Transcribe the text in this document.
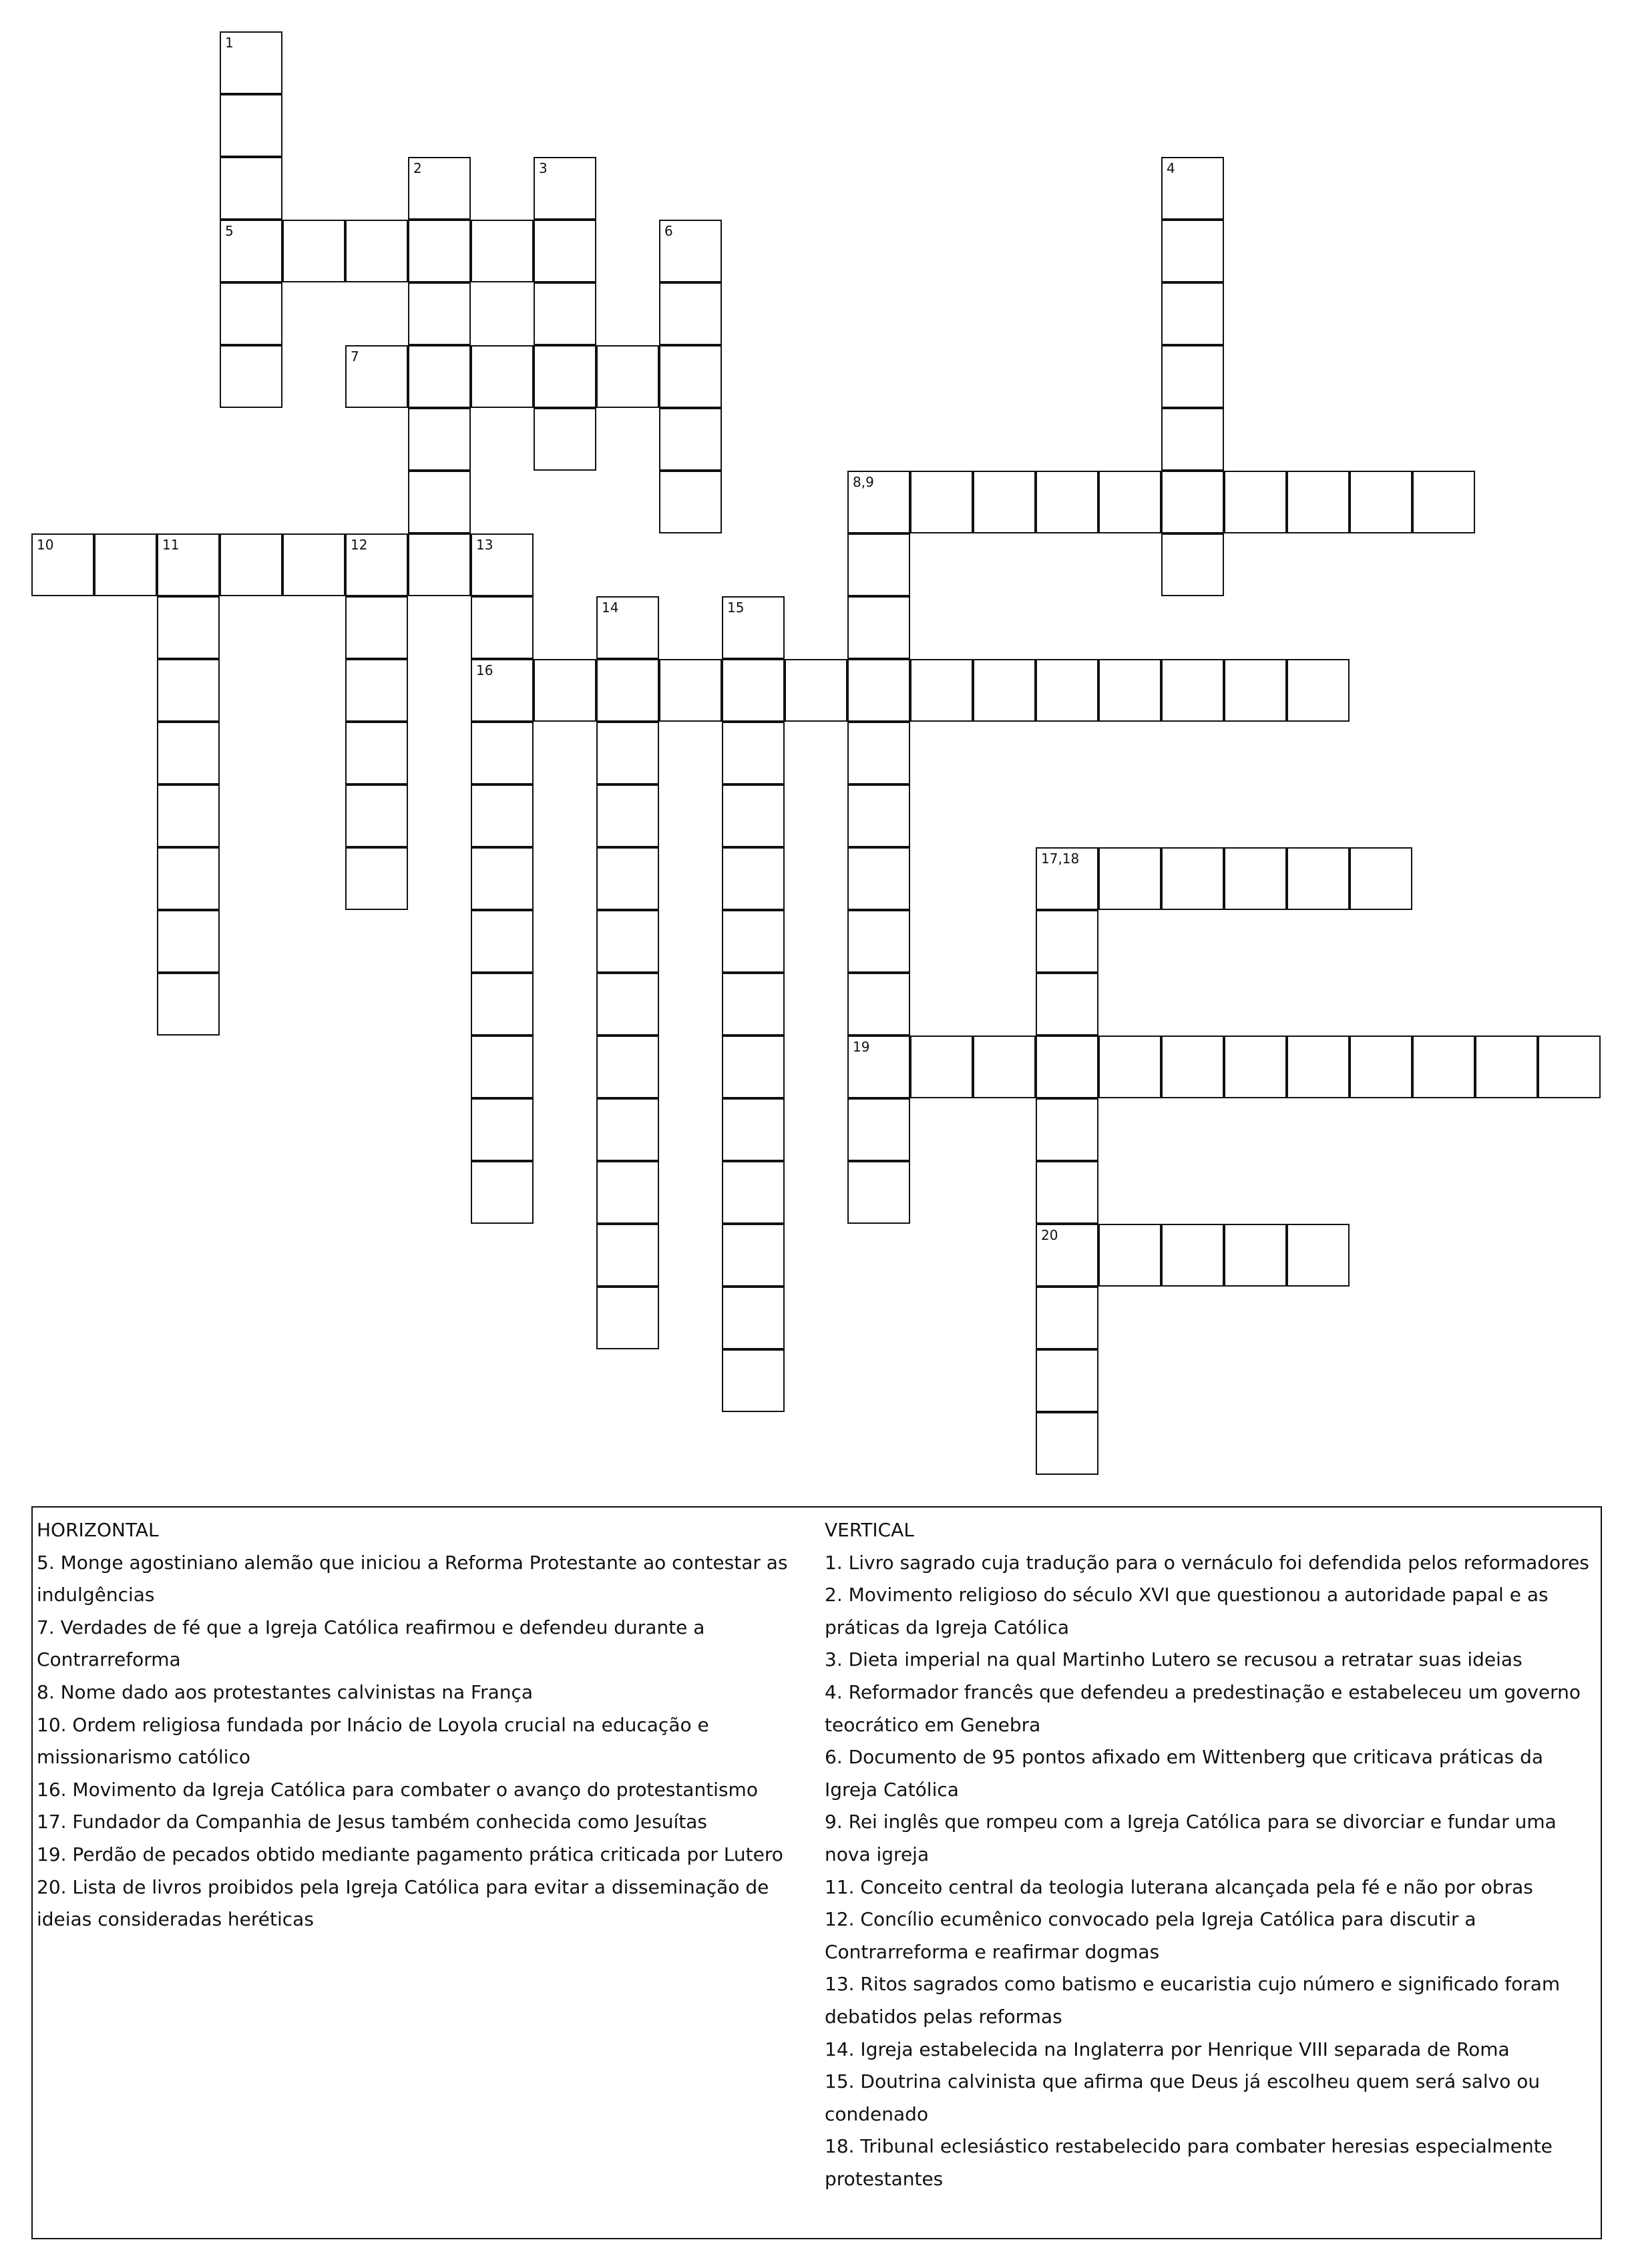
1
5
2	3	4
6
7
8,9
10	11	12	13
16
14	15
17,18
19
20

HORIZONTAL

5. Monge agostiniano alemão que iniciou a Reforma Protestante ao contestar as indulgências

7. Verdades de fé que a Igreja Católica reafirmou e defendeu durante a Contrarreforma

8. Nome dado aos protestantes calvinistas na França

10. Ordem religiosa fundada por Inácio de Loyola crucial na educação e missionarismo católico

16. Movimento da Igreja Católica para combater o avanço do protestantismo

17. Fundador da Companhia de Jesus também conhecida como Jesuítas

19. Perdão de pecados obtido mediante pagamento prática criticada por Lutero

20. Lista de livros proibidos pela Igreja Católica para evitar a disseminação de ideias consideradas heréticas

VERTICAL

1. Livro sagrado cuja tradução para o vernáculo foi defendida pelos reformadores

2. Movimento religioso do século XVI que questionou a autoridade papal e as práticas da Igreja Católica

3. Dieta imperial na qual Martinho Lutero se recusou a retratar suas ideias

4. Reformador francês que defendeu a predestinação e estabeleceu um governo teocrático em Genebra

6. Documento de 95 pontos afixado em Wittenberg que criticava práticas da Igreja Católica

9. Rei inglês que rompeu com a Igreja Católica para se divorciar e fundar uma nova igreja

11. Conceito central da teologia luterana alcançada pela fé e não por obras

12. Concílio ecumênico convocado pela Igreja Católica para discutir a Contrarreforma e reafirmar dogmas

13. Ritos sagrados como batismo e eucaristia cujo número e significado foram debatidos pelas reformas

14. Igreja estabelecida na Inglaterra por Henrique VIII separada de Roma

15. Doutrina calvinista que afirma que Deus já escolheu quem será salvo ou condenado

18. Tribunal eclesiástico restabelecido para combater heresias especialmente protestantes
